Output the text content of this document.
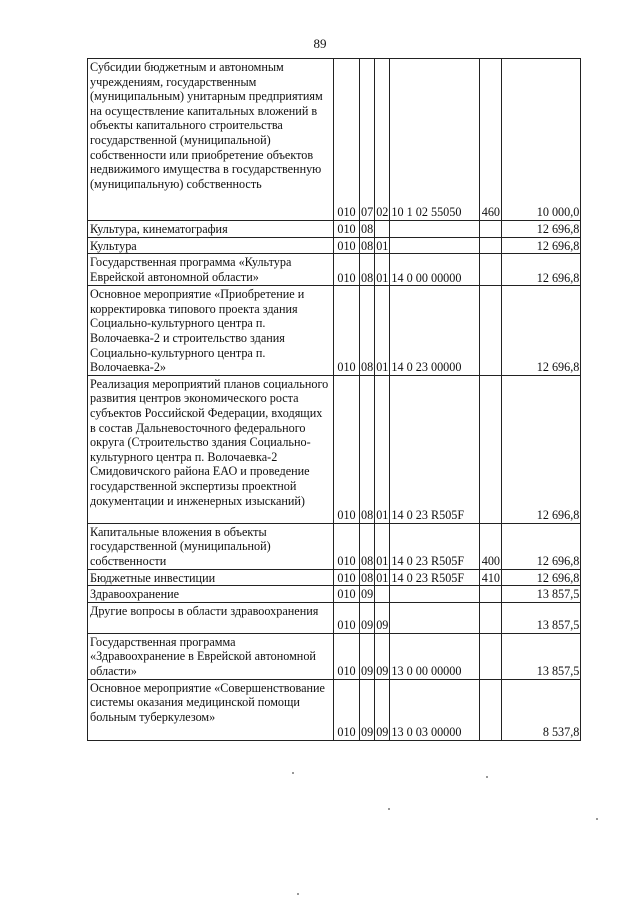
89
Субсидии бюджетным и автономным учреждениям, государственным (муниципальным) унитарным предприятиям на осуществление капитальных вложений в объекты капитального строительства государственной (муниципальной) собственности или приобретение объектов недвижимого имущества в государственную (муниципальную) собственность	010	07	02	10 1 02 55050	460	10 000,0
Культура, кинематография	010	08				12 696,8
Культура	010	08	01			12 696,8
Государственная программа «Культура Еврейской автономной области»	010	08	01	14 0 00 00000		12 696,8
Основное мероприятие «Приобретение и корректировка типового проекта здания Социально-культурного центра п. Волочаевка-2 и строительство здания Социально-культурного центра п. Волочаевка-2»	010	08	01	14 0 23 00000		12 696,8
Реализация мероприятий планов социального развития центров экономического роста субъектов Российской Федерации, входящих в состав Дальневосточного федерального округа (Строительство здания Социально-культурного центра п. Волочаевка-2 Смидовичского района ЕАО и проведение государственной экспертизы проектной документации и инженерных изысканий)	010	08	01	14 0 23 R505F		12 696,8
Капитальные вложения в объекты государственной (муниципальной) собственности	010	08	01	14 0 23 R505F	400	12 696,8
Бюджетные инвестиции	010	08	01	14 0 23 R505F	410	12 696,8
Здравоохранение	010	09				13 857,5
Другие вопросы в области здравоохранения	010	09	09			13 857,5
Государственная программа «Здравоохранение в Еврейской автономной области»	010	09	09	13 0 00 00000		13 857,5
Основное мероприятие «Совершенствование системы оказания медицинской помощи больным туберкулезом»	010	09	09	13 0 03 00000		8 537,8
